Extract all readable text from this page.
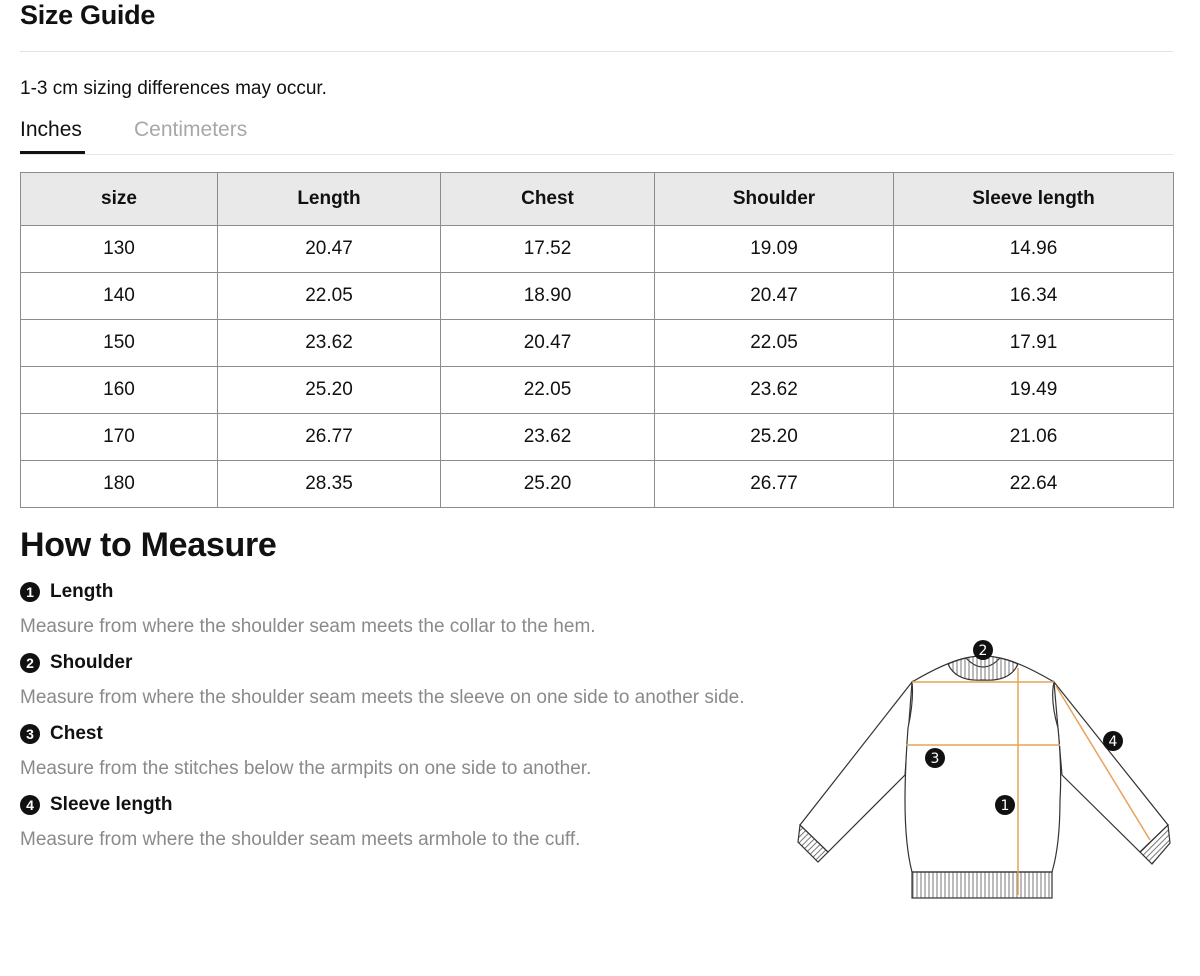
Size Guide
1-3 cm sizing differences may occur.
Inches Centimeters
size	Length	Chest	Shoulder	Sleeve length
130	20.47	17.52	19.09	14.96
140	22.05	18.90	20.47	16.34
150	23.62	20.47	22.05	17.91
160	25.20	22.05	23.62	19.49
170	26.77	23.62	25.20	21.06
180	28.35	25.20	26.77	22.64
How to Measure
1 Length
Measure from where the shoulder seam meets the collar to the hem.
2 Shoulder
Measure from where the shoulder seam meets the sleeve on one side to another side.
3 Chest
Measure from the stitches below the armpits on one side to another.
4 Sleeve length
Measure from where the shoulder seam meets armhole to the cuff.
2
3
1
4
